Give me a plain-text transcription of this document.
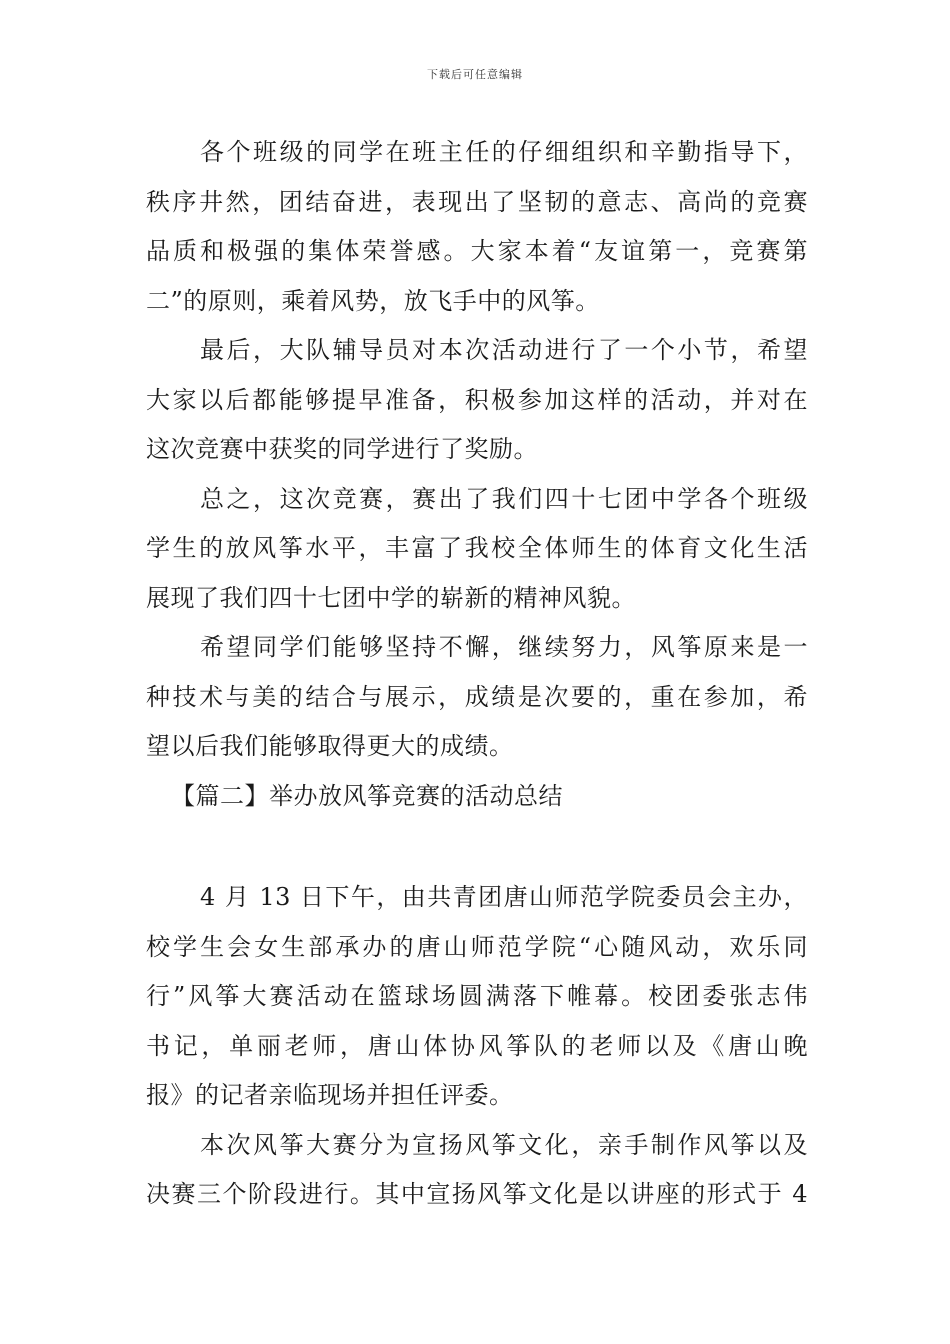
下载后可任意编辑
各个班级的同学在班主任的仔细组织和辛勤指导下，
秩序井然，团结奋进，表现出了坚韧的意志、高尚的竞赛
品质和极强的集体荣誉感。大家本着“友谊第一，竞赛第
二”的原则，乘着风势，放飞手中的风筝。
最后，大队辅导员对本次活动进行了一个小节，希望
大家以后都能够提早准备，积极参加这样的活动，并对在
这次竞赛中获奖的同学进行了奖励。
总之，这次竞赛，赛出了我们四十七团中学各个班级
学生的放风筝水平，丰富了我校全体师生的体育文化生活
展现了我们四十七团中学的崭新的精神风貌。
希望同学们能够坚持不懈，继续努力，风筝原来是一
种技术与美的结合与展示，成绩是次要的，重在参加，希
望以后我们能够取得更大的成绩。
【篇二】举办放风筝竞赛的活动总结
4 月 13 日下午，由共青团唐山师范学院委员会主办，
校学生会女生部承办的唐山师范学院“心随风动，欢乐同
行”风筝大赛活动在篮球场圆满落下帷幕。校团委张志伟
书记，单丽老师，唐山体协风筝队的老师以及《唐山晚
报》的记者亲临现场并担任评委。
本次风筝大赛分为宣扬风筝文化，亲手制作风筝以及
决赛三个阶段进行。其中宣扬风筝文化是以讲座的形式于 4
